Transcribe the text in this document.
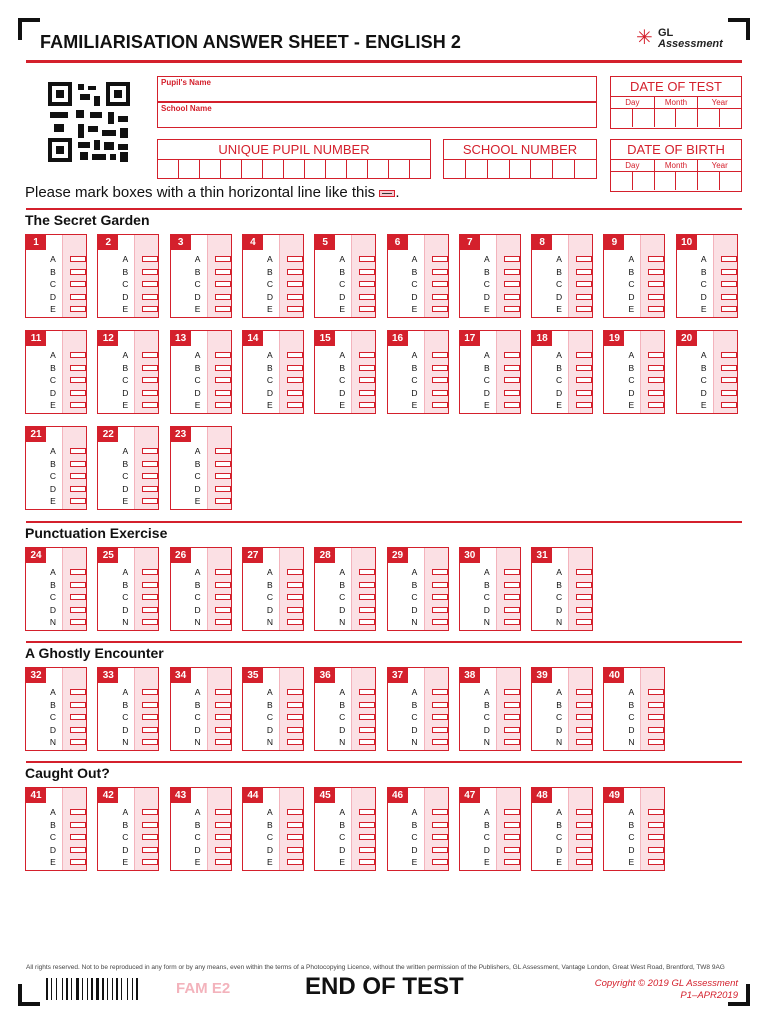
FAMILIARISATION ANSWER SHEET - ENGLISH 2	✳ GL
Assessment
Pupil's Name
School Name
DATE OF TEST
Day	Month	Year
UNIQUE PUPIL NUMBER	SCHOOL NUMBER	DATE OF BIRTH
Day	Month	Year
Please mark boxes with a thin horizontal line like this .
The Secret Garden
1
A
B
C
D
E
2
A
B
C
D
E
3
A
B
C
D
E
4
A
B
C
D
E
5
A
B
C
D
E
6
A
B
C
D
E
7
A
B
C
D
E
8
A
B
C
D
E
9
A
B
C
D
E
10
A
B
C
D
E
11
A
B
C
D
E
12
A
B
C
D
E
13
A
B
C
D
E
14
A
B
C
D
E
15
A
B
C
D
E
16
A
B
C
D
E
17
A
B
C
D
E
18
A
B
C
D
E
19
A
B
C
D
E
20
A
B
C
D
E
21
A
B
C
D
E
22
A
B
C
D
E
23
A
B
C
D
E
Punctuation Exercise
24
A
B
C
D
N
25
A
B
C
D
N
26
A
B
C
D
N
27
A
B
C
D
N
28
A
B
C
D
N
29
A
B
C
D
N
30
A
B
C
D
N
31
A
B
C
D
N
A Ghostly Encounter
32
A
B
C
D
N
33
A
B
C
D
N
34
A
B
C
D
N
35
A
B
C
D
N
36
A
B
C
D
N
37
A
B
C
D
N
38
A
B
C
D
N
39
A
B
C
D
N
40
A
B
C
D
N
Caught Out?
41
A
B
C
D
E
42
A
B
C
D
E
43
A
B
C
D
E
44
A
B
C
D
E
45
A
B
C
D
E
46
A
B
C
D
E
47
A
B
C
D
E
48
A
B
C
D
E
49
A
B
C
D
E
All rights reserved. Not to be reproduced in any form or by any means, even within the terms of a Photocopying Licence, without the written permission of the Publishers, GL Assessment, Vantage London, Great West Road, Brentford, TW8 9AG
FAM E2	END OF TEST	Copyright © 2019 GL Assessment
P1–APR2019
